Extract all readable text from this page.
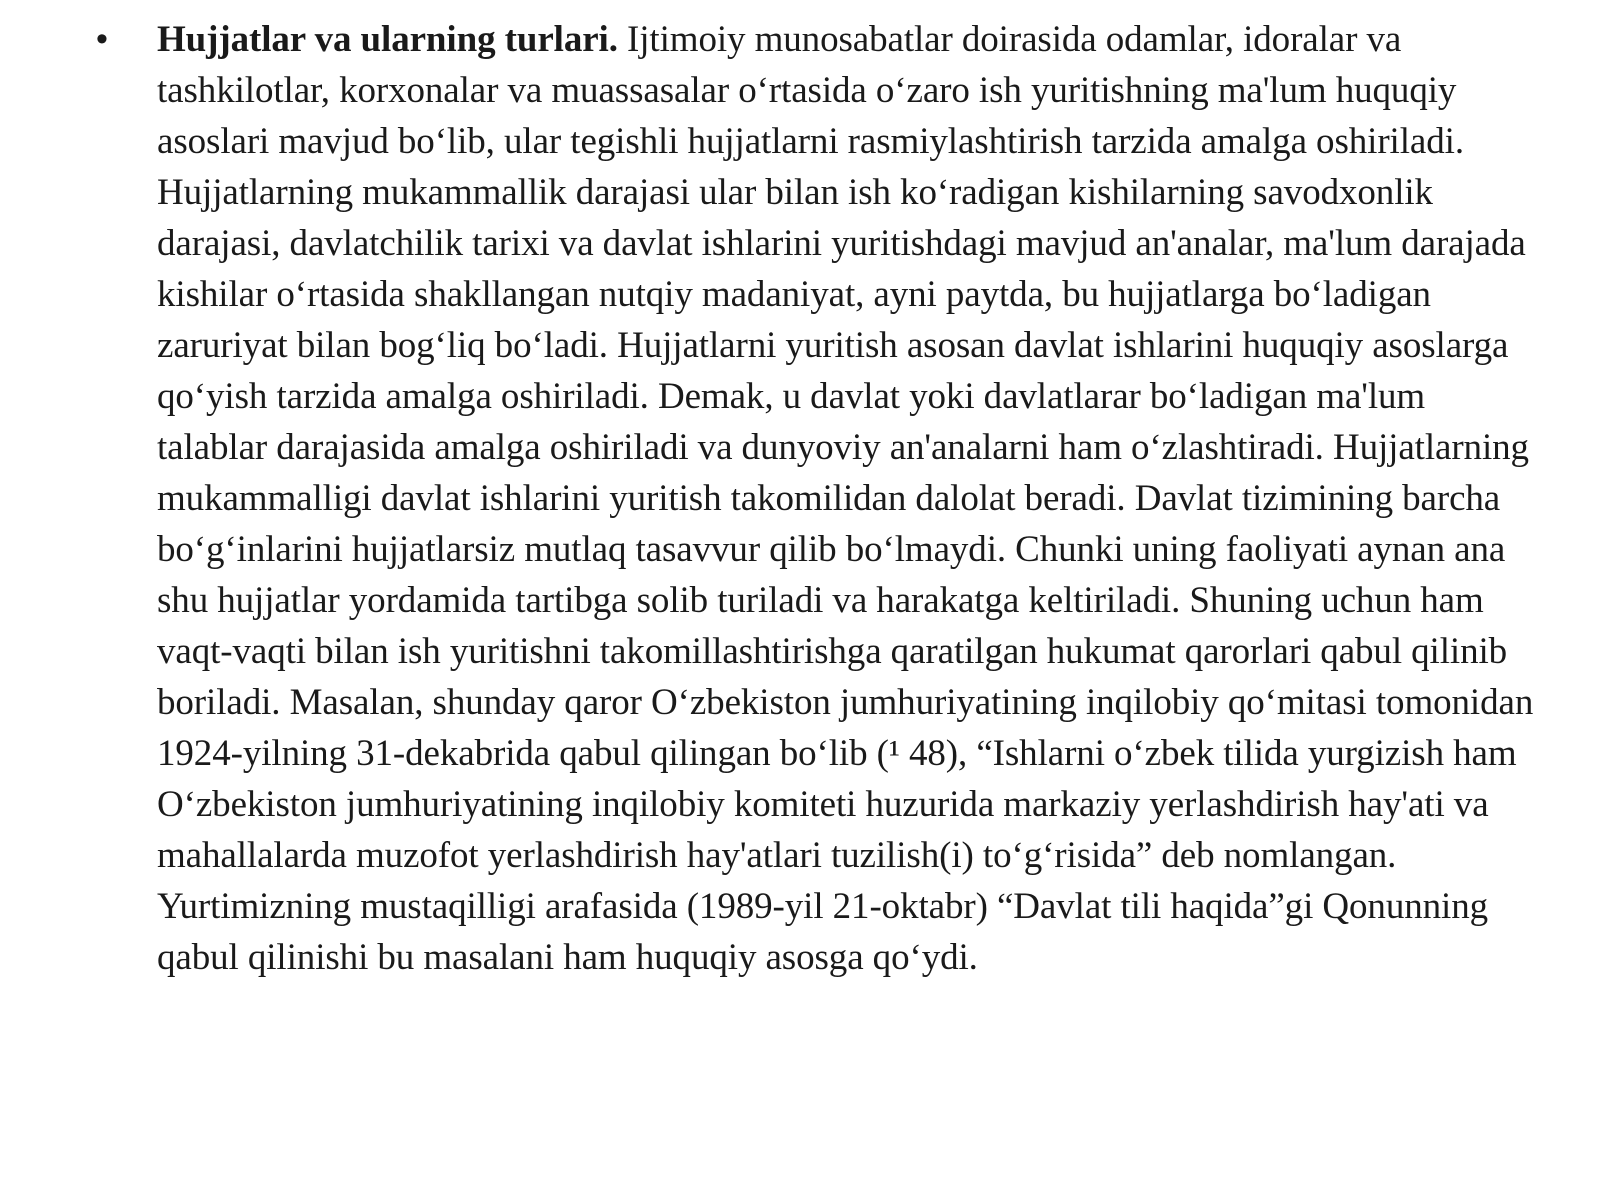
• Hujjatlar va ularning turlari. Ijtimoiy munosabatlar doirasida odamlar, idoralar va tashkilotlar, korxonalar va muassasalar o‘rtasida o‘zaro ish yuritishning ma'lum huquqiy asoslari mavjud bo‘lib, ular tegishli hujjatlarni rasmiylashtirish tarzida amalga oshiriladi. Hujjatlarning mukammallik darajasi ular bilan ish ko‘radigan kishilarning savodxonlik darajasi, davlatchilik tarixi va davlat ishlarini yuritishdagi mavjud an'analar, ma'lum darajada kishilar o‘rtasida shakllangan nutqiy madaniyat, ayni paytda, bu hujjatlarga bo‘ladigan zaruriyat bilan bog‘liq bo‘ladi. Hujjatlarni yuritish asosan davlat ishlarini huquqiy asoslarga qo‘yish tarzida amalga oshiriladi. Demak, u davlat yoki davlatlarar bo‘ladigan ma'lum talablar darajasida amalga oshiriladi va dunyoviy an'analarni ham o‘zlashtiradi. Hujjatlarning mukammalligi davlat ishlarini yuritish takomilidan dalolat beradi. Davlat tizimining barcha bo‘g‘inlarini hujjatlarsiz mutlaq tasavvur qilib bo‘lmaydi. Chunki uning faoliyati aynan ana shu hujjatlar yordamida tartibga solib turiladi va harakatga keltiriladi. Shuning uchun ham vaqt-vaqti bilan ish yuritishni takomillashtirishga qaratilgan hukumat qarorlari qabul qilinib boriladi. Masalan, shunday qaror O‘zbekiston jumhuriyatining inqilobiy qo‘mitasi tomonidan 1924-yilning 31-dekabrida qabul qilingan bo‘lib (¹ 48), “Ishlarni o‘zbek tilida yurgizish ham O‘zbekiston jumhuriyatining inqilobiy komiteti huzurida markaziy yerlashdirish hay'ati va mahallalarda muzofot yerlashdirish hay'atlari tuzilish(i) to‘g‘risida” deb nomlangan. Yurtimizning mustaqilligi arafasida (1989-yil 21-oktabr) “Davlat tili haqida”gi Qonunning qabul qilinishi bu masalani ham huquqiy asosga qo‘ydi.
